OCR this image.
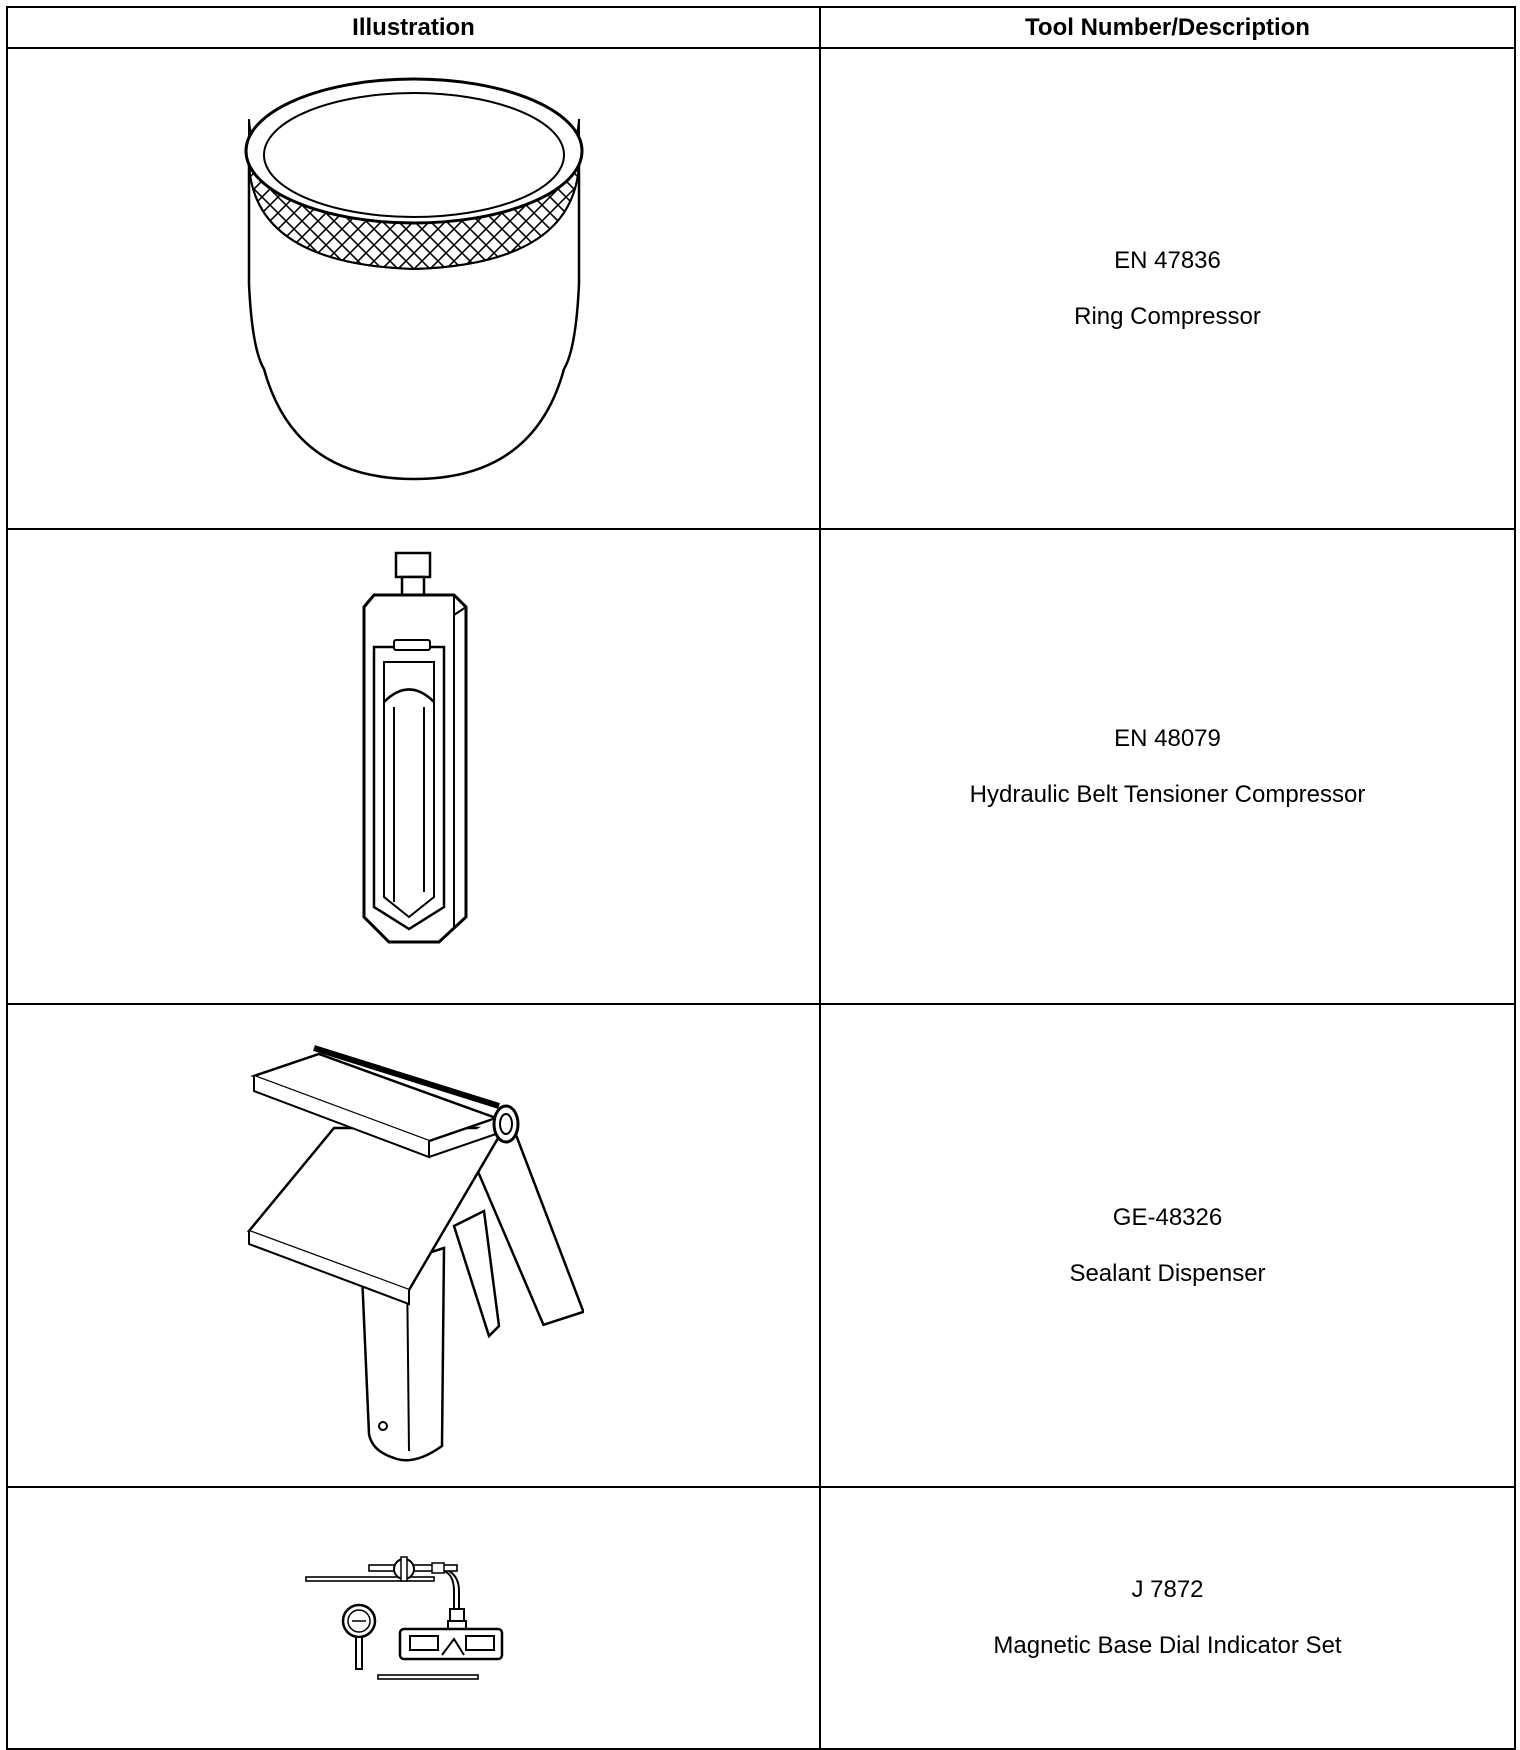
Illustration	Tool Number/Description

EN 47836
Ring Compressor

EN 48079
Hydraulic Belt Tensioner Compressor

GE-48326
Sealant Dispenser

J 7872
Magnetic Base Dial Indicator Set
